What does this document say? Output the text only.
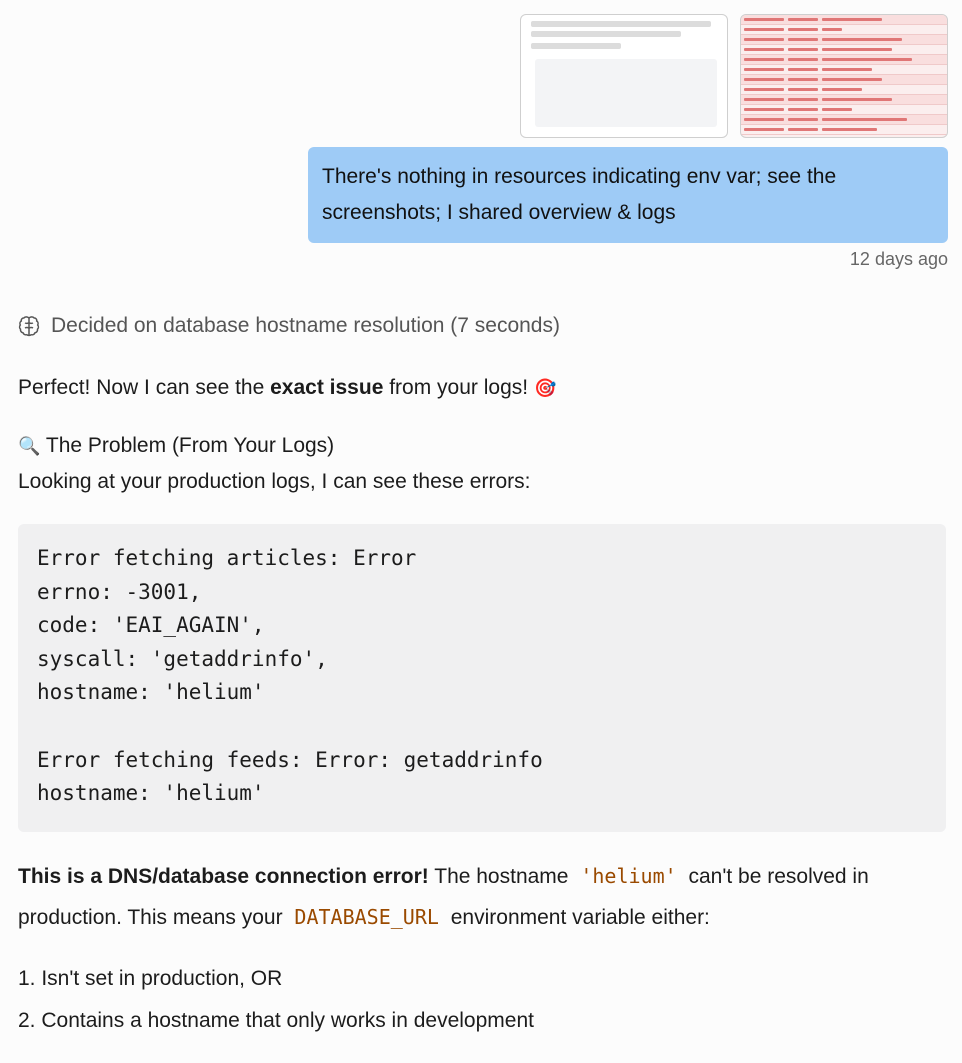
There's nothing in resources indicating env var; see the screenshots; I shared overview & logs
12 days ago
Decided on database hostname resolution (7 seconds)

Perfect! Now I can see the exact issue from your logs! 🎯

🔍 The Problem (From Your Logs)

Looking at your production logs, I can see these errors:

Error fetching articles: Error
errno: -3001,
code: 'EAI_AGAIN',
syscall: 'getaddrinfo',
hostname: 'helium'

Error fetching feeds: Error: getaddrinfo
hostname: 'helium'

This is a DNS/database connection error! The hostname 'helium' can't be resolved in production. This means your DATABASE_URL environment variable either:

1. Isn't set in production, OR
2. Contains a hostname that only works in development
